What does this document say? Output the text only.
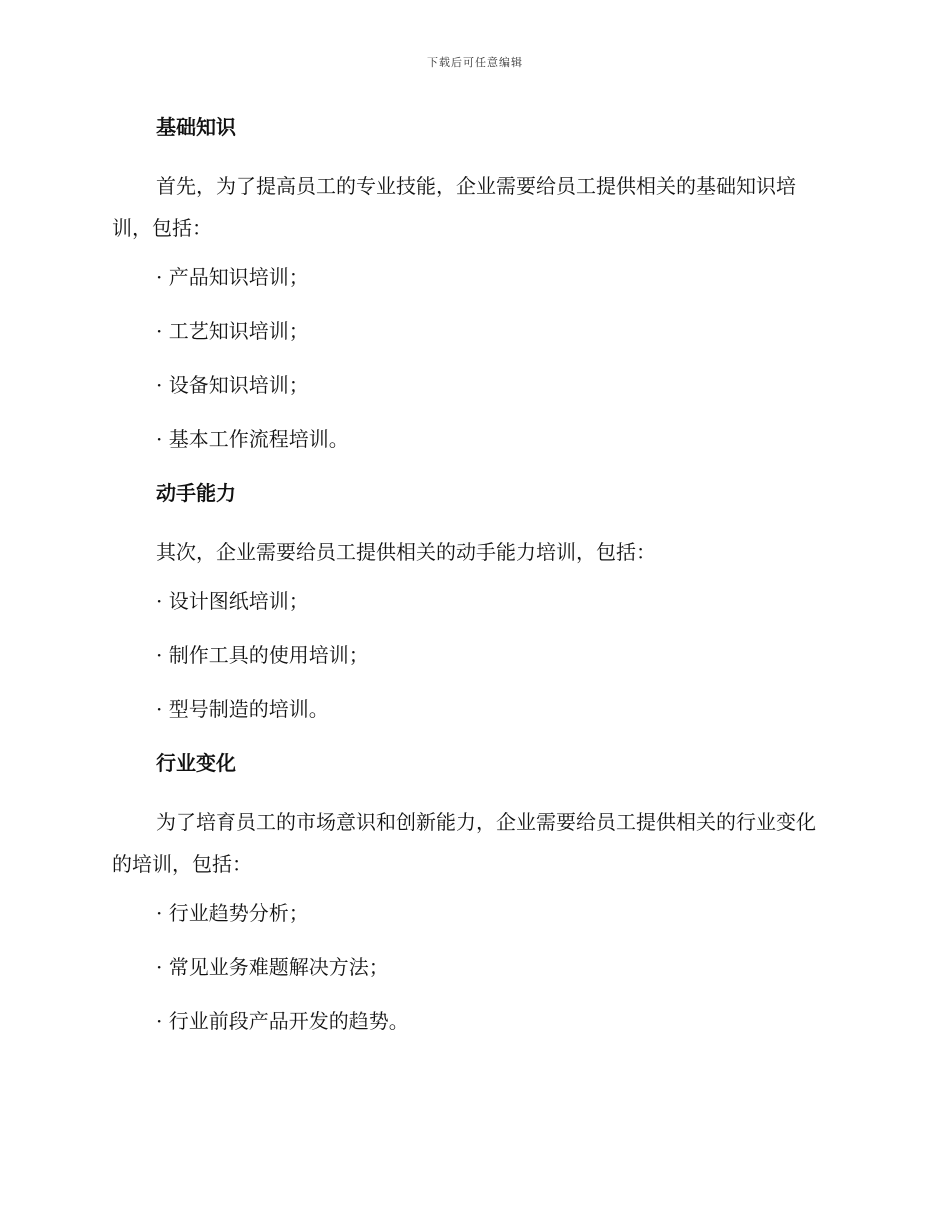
下载后可任意编辑
基础知识
首先，为了提高员工的专业技能，企业需要给员工提供相关的基础知识培训，包括：
· 产品知识培训；
· 工艺知识培训；
· 设备知识培训；
· 基本工作流程培训。
动手能力
其次，企业需要给员工提供相关的动手能力培训，包括：
· 设计图纸培训；
· 制作工具的使用培训；
· 型号制造的培训。
行业变化
为了培育员工的市场意识和创新能力，企业需要给员工提供相关的行业变化的培训，包括：
· 行业趋势分析；
· 常见业务难题解决方法；
· 行业前段产品开发的趋势。
